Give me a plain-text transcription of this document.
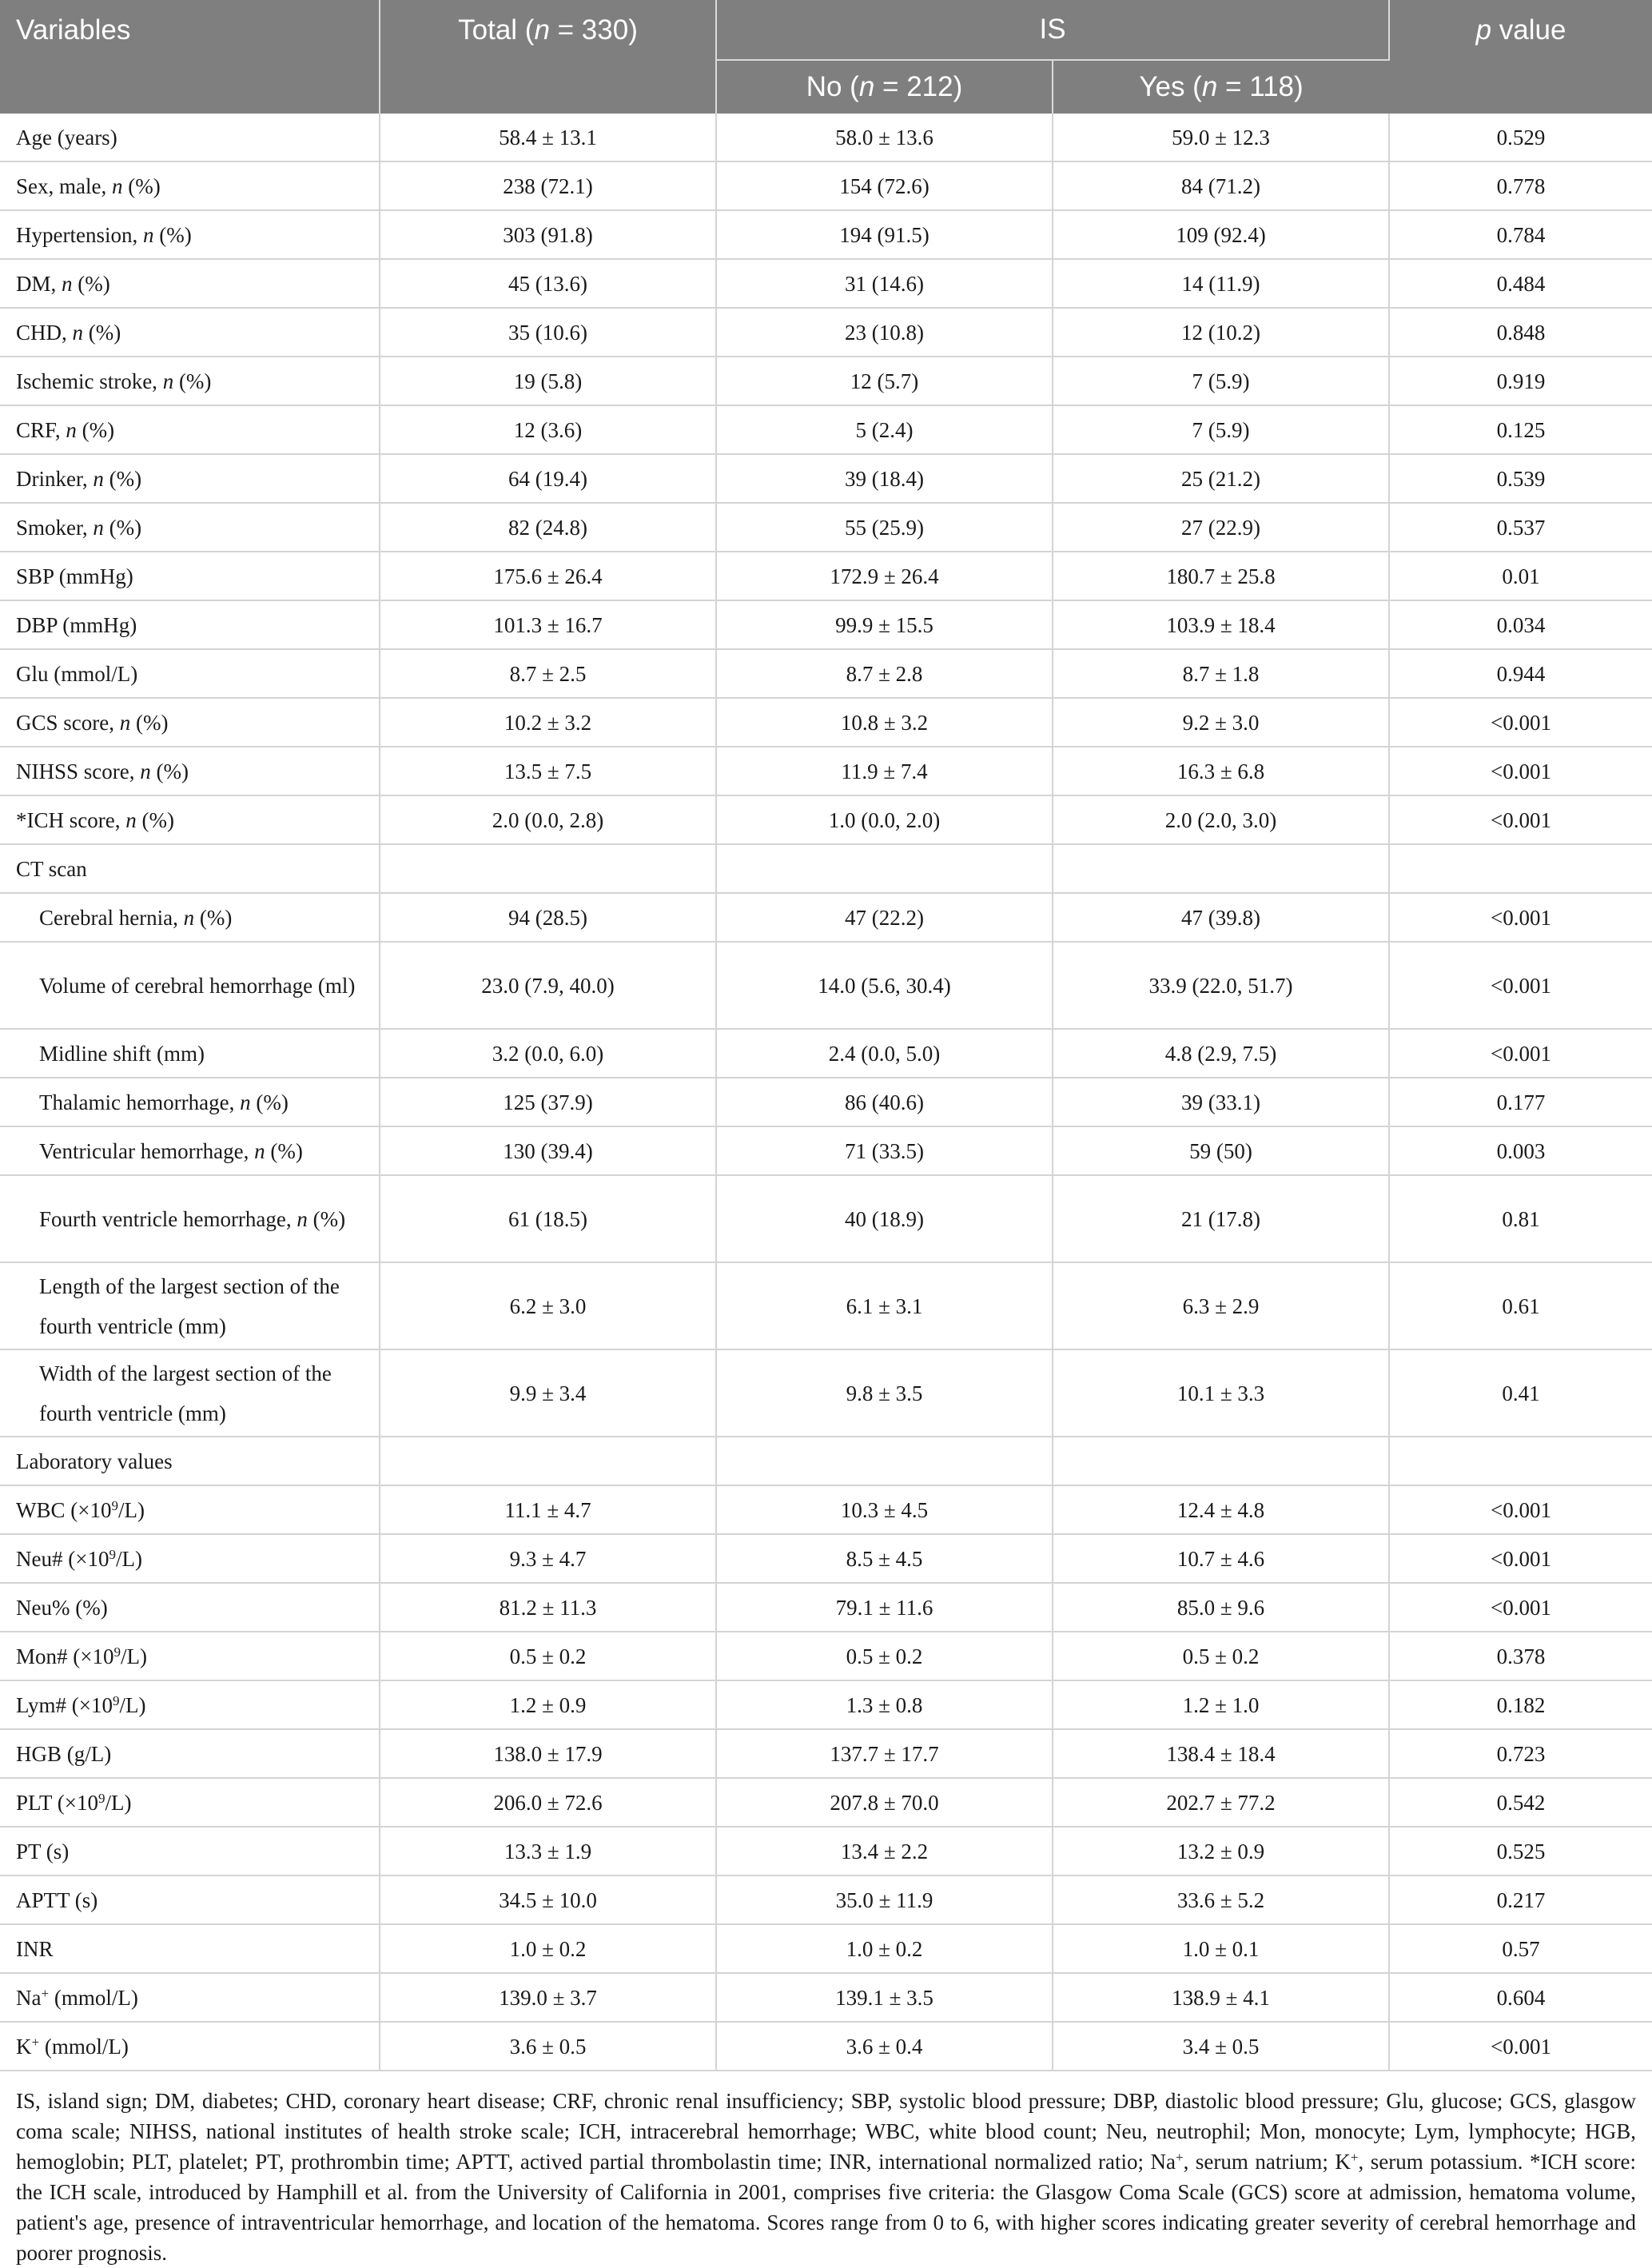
Variables	Total (n = 330)	IS		p value
		No (n = 212)	Yes (n = 118)	
Age (years)	58.4 ± 13.1	58.0 ± 13.6	59.0 ± 12.3	0.529
Sex, male, n (%)	238 (72.1)	154 (72.6)	84 (71.2)	0.778
Hypertension, n (%)	303 (91.8)	194 (91.5)	109 (92.4)	0.784
DM, n (%)	45 (13.6)	31 (14.6)	14 (11.9)	0.484
CHD, n (%)	35 (10.6)	23 (10.8)	12 (10.2)	0.848
Ischemic stroke, n (%)	19 (5.8)	12 (5.7)	7 (5.9)	0.919
CRF, n (%)	12 (3.6)	5 (2.4)	7 (5.9)	0.125
Drinker, n (%)	64 (19.4)	39 (18.4)	25 (21.2)	0.539
Smoker, n (%)	82 (24.8)	55 (25.9)	27 (22.9)	0.537
SBP (mmHg)	175.6 ± 26.4	172.9 ± 26.4	180.7 ± 25.8	0.01
DBP (mmHg)	101.3 ± 16.7	99.9 ± 15.5	103.9 ± 18.4	0.034
Glu (mmol/L)	8.7 ± 2.5	8.7 ± 2.8	8.7 ± 1.8	0.944
GCS score, n (%)	10.2 ± 3.2	10.8 ± 3.2	9.2 ± 3.0	<0.001
NIHSS score, n (%)	13.5 ± 7.5	11.9 ± 7.4	16.3 ± 6.8	<0.001
*ICH score, n (%)	2.0 (0.0, 2.8)	1.0 (0.0, 2.0)	2.0 (2.0, 3.0)	<0.001
CT scan				
Cerebral hernia, n (%)	94 (28.5)	47 (22.2)	47 (39.8)	<0.001
Volume of cerebral hemorrhage (ml)	23.0 (7.9, 40.0)	14.0 (5.6, 30.4)	33.9 (22.0, 51.7)	<0.001
Midline shift (mm)	3.2 (0.0, 6.0)	2.4 (0.0, 5.0)	4.8 (2.9, 7.5)	<0.001
Thalamic hemorrhage, n (%)	125 (37.9)	86 (40.6)	39 (33.1)	0.177
Ventricular hemorrhage, n (%)	130 (39.4)	71 (33.5)	59 (50)	0.003
Fourth ventricle hemorrhage, n (%)	61 (18.5)	40 (18.9)	21 (17.8)	0.81
Length of the largest section of the fourth ventricle (mm)	6.2 ± 3.0	6.1 ± 3.1	6.3 ± 2.9	0.61
Width of the largest section of the fourth ventricle (mm)	9.9 ± 3.4	9.8 ± 3.5	10.1 ± 3.3	0.41
Laboratory values				
WBC $(\times 10^9/L)$	11.1 ± 4.7	10.3 ± 4.5	12.4 ± 4.8	<0.001
Neu# $(\times 10^9/L)$	9.3 ± 4.7	8.5 ± 4.5	10.7 ± 4.6	<0.001
Neu% (%)	81.2 ± 11.3	79.1 ± 11.6	85.0 ± 9.6	<0.001
Mon# $(\times 10^9/L)$	0.5 ± 0.2	0.5 ± 0.2	0.5 ± 0.2	0.378
Lym# $(\times 10^9/L)$	1.2 ± 0.9	1.3 ± 0.8	1.2 ± 1.0	0.182
HGB (g/L)	138.0 ± 17.9	137.7 ± 17.7	138.4 ± 18.4	0.723
PLT $(\times 10^9/L)$	206.0 ± 72.6	207.8 ± 70.0	202.7 ± 77.2	0.542
PT (s)	13.3 ± 1.9	13.4 ± 2.2	13.2 ± 0.9	0.525
APTT (s)	34.5 ± 10.0	35.0 ± 11.9	33.6 ± 5.2	0.217
INR	1.0 ± 0.2	1.0 ± 0.2	1.0 ± 0.1	0.57
Na+ (mmol/L)	139.0 ± 3.7	139.1 ± 3.5	138.9 ± 4.1	0.604
K+ (mmol/L)	3.6 ± 0.5	3.6 ± 0.4	3.4 ± 0.5	<0.001
IS, island sign; DM, diabetes; CHD, coronary heart disease; CRF, chronic renal insufficiency; SBP, systolic blood pressure; DBP, diastolic blood pressure; Glu, glucose; GCS, glasgow coma scale; NIHSS, national institutes of health stroke scale; ICH, intracerebral hemorrhage; WBC, white blood count; Neu, neutrophil; Mon, monocyte; Lym, lymphocyte; HGB, hemoglobin; PLT, platelet; PT, prothrombin time; APTT, actived partial thrombolastin time; INR, international normalized ratio; Na+, serum natrium; K+, serum potassium. *ICH score: the ICH scale, introduced by Hamphill et al. from the University of California in 2001, comprises five criteria: the Glasgow Coma Scale (GCS) score at admission, hematoma volume, patient's age, presence of intraventricular hemorrhage, and location of the hematoma. Scores range from 0 to 6, with higher scores indicating greater severity of cerebral hemorrhage and poorer prognosis.
